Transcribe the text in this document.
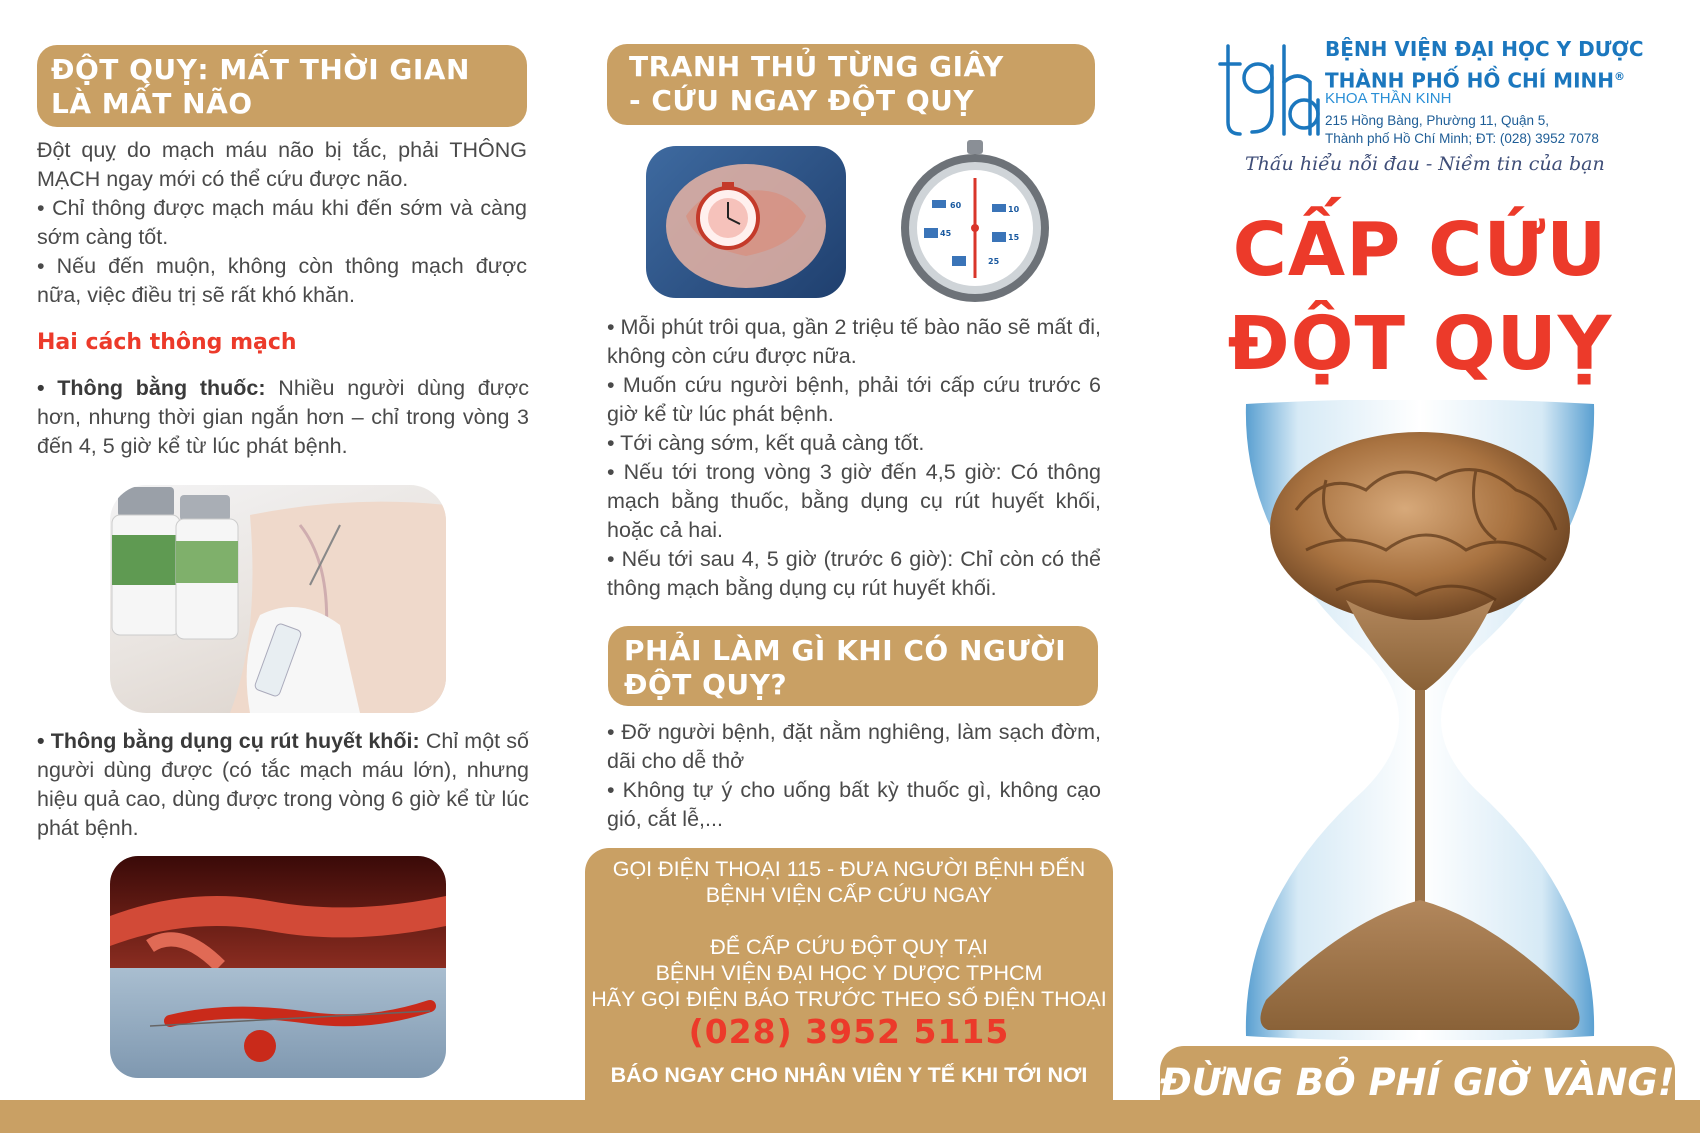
ĐỘT QUỴ: MẤT THỜI GIAN
LÀ MẤT NÃO

Đột quỵ do mạch máu não bị tắc, phải THÔNG MẠCH ngay mới có thể cứu được não.

• Chỉ thông được mạch máu khi đến sớm và càng sớm càng tốt.

• Nếu đến muộn, không còn thông mạch được nữa, việc điều trị sẽ rất khó khăn.

Hai cách thông mạch
• Thông bằng thuốc: Nhiều người dùng được hơn, nhưng thời gian ngắn hơn – chỉ trong vòng 3 đến 4, 5 giờ kể từ lúc phát bệnh.
• Thông bằng dụng cụ rút huyết khối: Chỉ một số người dùng được (có tắc mạch máu lớn), nhưng hiệu quả cao, dùng được trong vòng 6 giờ kể từ lúc phát bệnh.
TRANH THỦ TỪNG GIÂY
- CỨU NGAY ĐỘT QUỴ
60	10
45	15
25

• Mỗi phút trôi qua, gần 2 triệu tế bào não sẽ mất đi, không còn cứu được nữa.

• Muốn cứu người bệnh, phải tới cấp cứu trước 6 giờ kể từ lúc phát bệnh.

• Tới càng sớm, kết quả càng tốt.

• Nếu tới trong vòng 3 giờ đến 4,5 giờ: Có thông mạch bằng thuốc, bằng dụng cụ rút huyết khối, hoặc cả hai.

• Nếu tới sau 4, 5 giờ (trước 6 giờ): Chỉ còn có thể thông mạch bằng dụng cụ rút huyết khối.

PHẢI LÀM GÌ KHI CÓ NGƯỜI
ĐỘT QUỴ?

• Đỡ người bệnh, đặt nằm nghiêng, làm sạch đờm, dãi cho dễ thở

• Không tự ý cho uống bất kỳ thuốc gì, không cạo gió, cắt lễ,...

GỌI ĐIỆN THOẠI 115 - ĐƯA NGƯỜI BỆNH ĐẾN
BỆNH VIỆN CẤP CỨU NGAY
ĐỂ CẤP CỨU ĐỘT QUỴ TẠI
BỆNH VIỆN ĐẠI HỌC Y DƯỢC TPHCM
HÃY GỌI ĐIỆN BÁO TRƯỚC THEO SỐ ĐIỆN THOẠI
(028) 3952 5115
BÁO NGAY CHO NHÂN VIÊN Y TẾ KHI TỚI NƠI
BỆNH VIỆN ĐẠI HỌC Y DƯỢC
THÀNH PHỐ HỒ CHÍ MINH®
KHOA THẦN KINH
215 Hồng Bàng, Phường 11, Quận 5,
Thành phố Hồ Chí Minh; ĐT: (028) 3952 7078
Thấu hiểu nỗi đau - Niềm tin của bạn
CẤP CỨU
ĐỘT QUỴ
ĐỪNG BỎ PHÍ GIỜ VÀNG!
